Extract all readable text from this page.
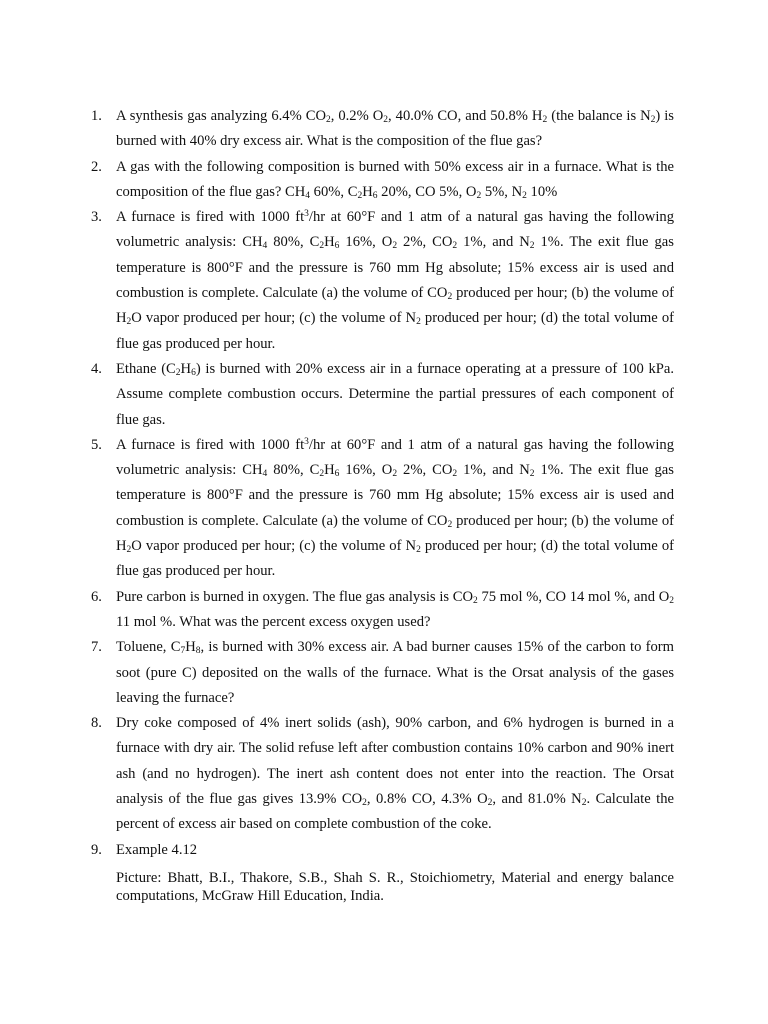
1. A synthesis gas analyzing 6.4% $CO_2$, 0.2% $O_2$, 40.0% CO, and 50.8% $H_2$ (the balance is $N_2$) is burned with 40% dry excess air. What is the composition of the flue gas?
2. A gas with the following composition is burned with 50% excess air in a furnace. What is the composition of the flue gas? $CH_4$ 60%, $C_2H_6$ 20%, CO 5%, $O_2$ 5%, $N_2$ 10%
3. A furnace is fired with 1000 $ft^3/hr$ at 60°F and 1 atm of a natural gas having the following volumetric analysis: $CH_4$ 80%, $C_2H_6$ 16%, $O_2$ 2%, $CO_2$ 1%, and $N_2$ 1%. The exit flue gas temperature is 800°F and the pressure is 760 mm Hg absolute; 15% excess air is used and combustion is complete. Calculate (a) the volume of $CO_2$ produced per hour; (b) the volume of $H_2O$ vapor produced per hour; (c) the volume of $N_2$ produced per hour; (d) the total volume of flue gas produced per hour.
4. Ethane $(C_2H_6)$ is burned with 20% excess air in a furnace operating at a pressure of 100 kPa. Assume complete combustion occurs. Determine the partial pressures of each component of flue gas.
5. A furnace is fired with 1000 $ft^3/hr$ at 60°F and 1 atm of a natural gas having the following volumetric analysis: $CH_4$ 80%, $C_2H_6$ 16%, $O_2$ 2%, $CO_2$ 1%, and $N_2$ 1%. The exit flue gas temperature is 800°F and the pressure is 760 mm Hg absolute; 15% excess air is used and combustion is complete. Calculate (a) the volume of $CO_2$ produced per hour; (b) the volume of $H_2O$ vapor produced per hour; (c) the volume of $N_2$ produced per hour; (d) the total volume of flue gas produced per hour.
6. Pure carbon is burned in oxygen. The flue gas analysis is $CO_2$ 75 mol %, CO 14 mol %, and $O_2$ 11 mol %. What was the percent excess oxygen used?
7. Toluene, $C_7H_8$, is burned with 30% excess air. A bad burner causes 15% of the carbon to form soot (pure C) deposited on the walls of the furnace. What is the Orsat analysis of the gases leaving the furnace?
8. Dry coke composed of 4% inert solids (ash), 90% carbon, and 6% hydrogen is burned in a furnace with dry air. The solid refuse left after combustion contains 10% carbon and 90% inert ash (and no hydrogen). The inert ash content does not enter into the reaction. The Orsat analysis of the flue gas gives 13.9% $CO_2$, 0.8% CO, 4.3% $O_2$, and 81.0% $N_2$. Calculate the percent of excess air based on complete combustion of the coke.
9. Example 4.12
Picture: Bhatt, B.I., Thakore, S.B., Shah S. R., Stoichiometry, Material and energy balance computations, McGraw Hill Education, India.
